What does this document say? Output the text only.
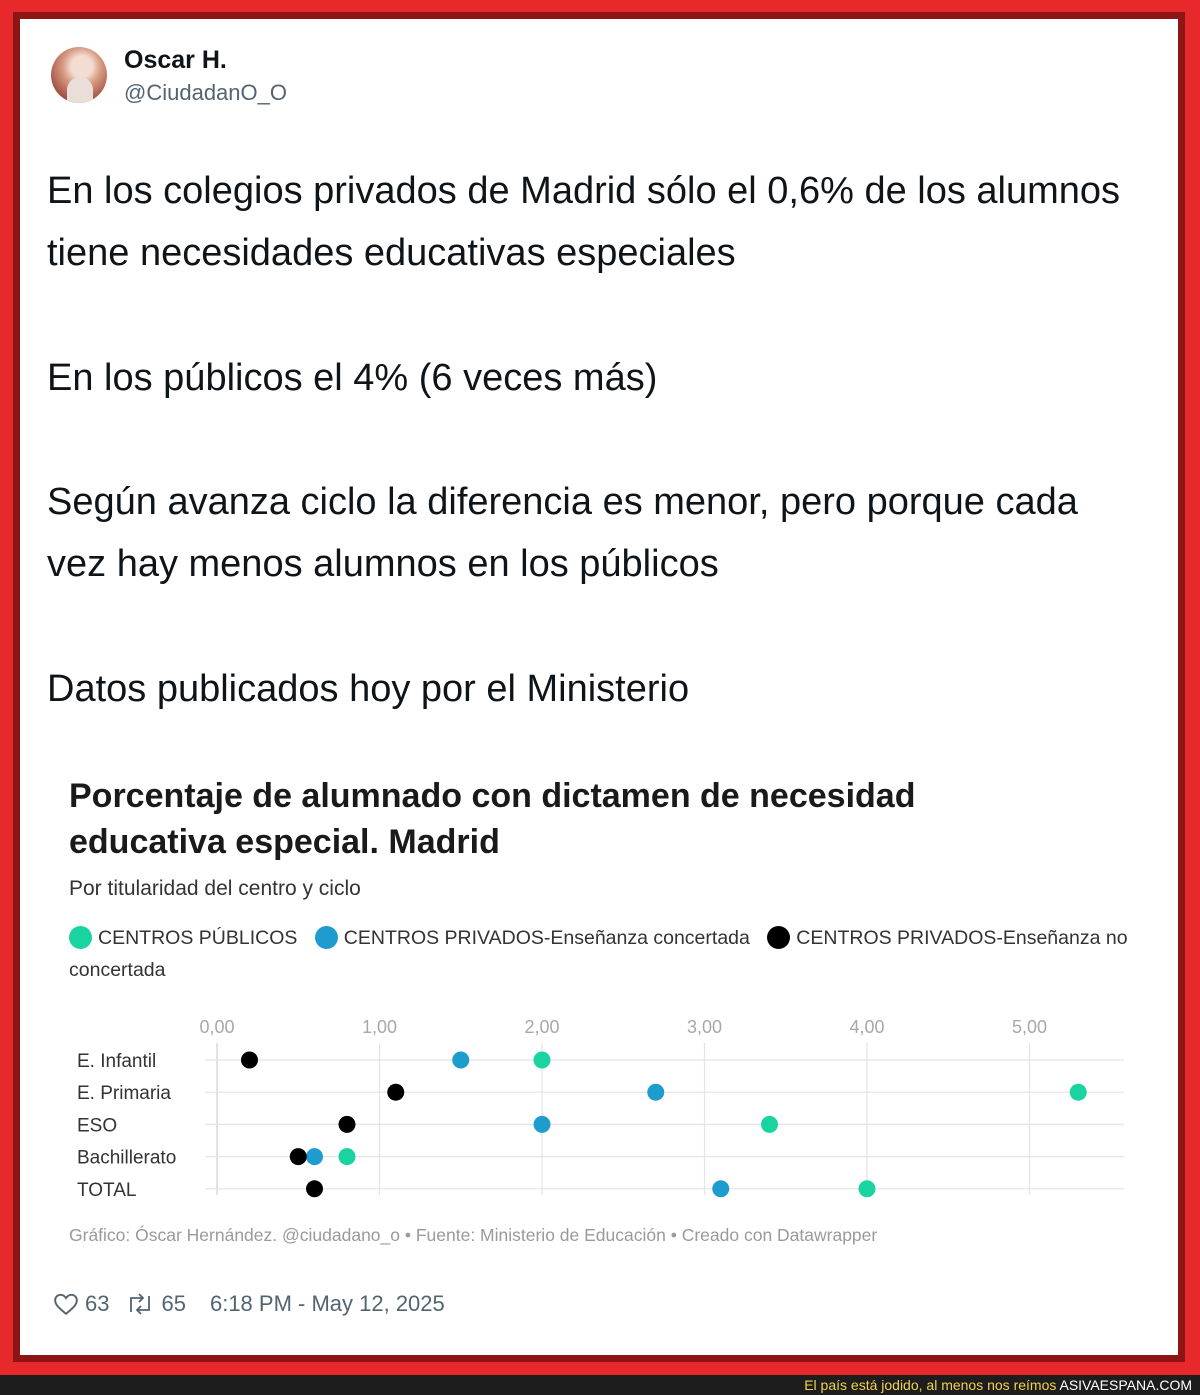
Oscar H.
@CiudadanO_O
En los colegios privados de Madrid sólo el 0,6% de los alumnos tiene necesidades educativas especiales
En los públicos el 4% (6 veces más)
Según avanza ciclo la diferencia es menor, pero porque cada vez hay menos alumnos en los públicos
Datos publicados hoy por el Ministerio
Porcentaje de alumnado con dictamen de necesidad educativa especial. Madrid
Por titularidad del centro y ciclo
CENTROS PÚBLICOS CENTROS PRIVADOS-Enseñanza concertada CENTROS PRIVADOS-Enseñanza no concertada
0,00	1,00	2,00	3,00	4,00	5,00
E. Infantil
E. Primaria
ESO
Bachillerato
TOTAL
Gráfico: Óscar Hernández. @ciudadano_o • Fuente: Ministerio de Educación • Creado con Datawrapper
63 65 6:18 PM - May 12, 2025
El país está jodido, al menos nos reímos ASIVAESPANA.COM
